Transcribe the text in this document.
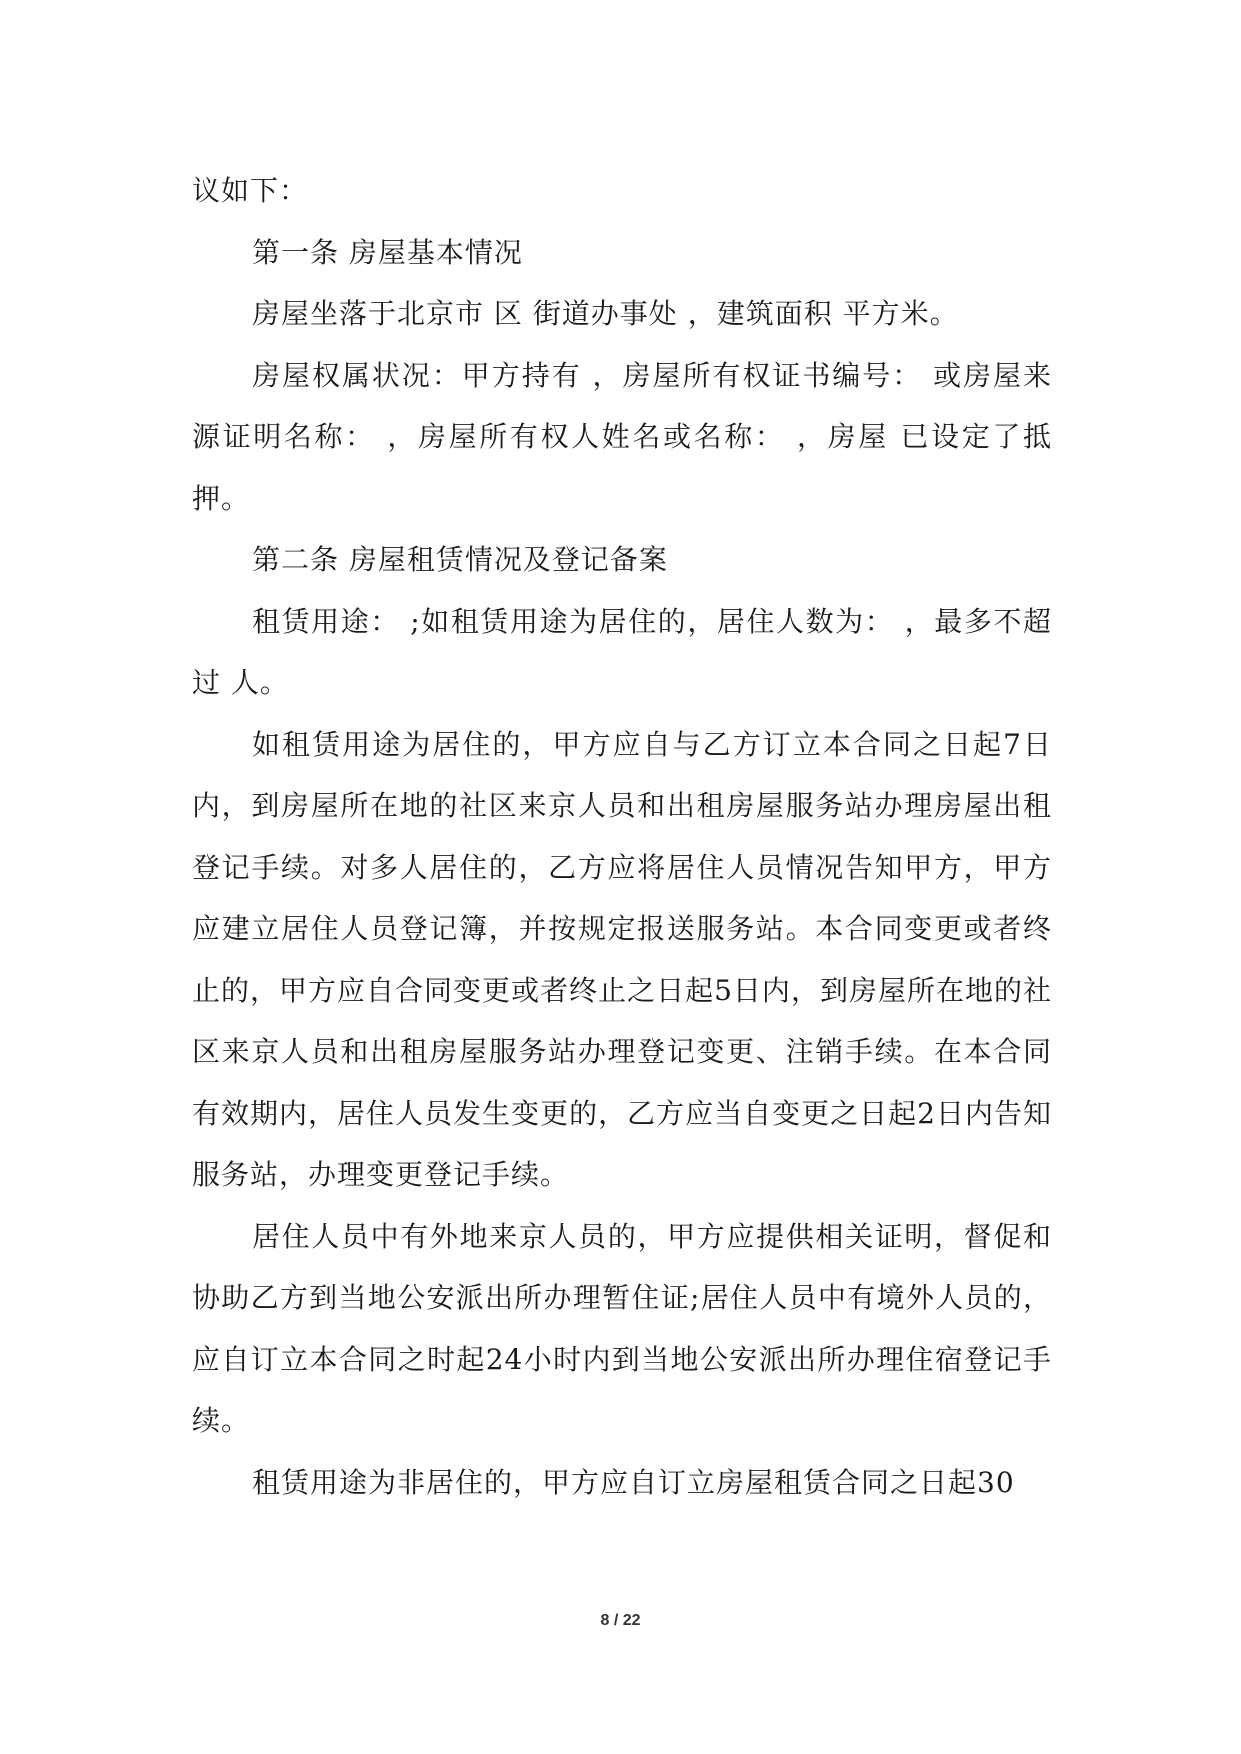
议如下：

第一条 房屋基本情况

房屋坐落于北京市 区 街道办事处 ，建筑面积 平方米。

房屋权属状况：甲方持有 ，房屋所有权证书编号： 或房屋来源证明名称： ，房屋所有权人姓名或名称： ，房屋 已设定了抵押。

第二条 房屋租赁情况及登记备案

租赁用途： ;如租赁用途为居住的，居住人数为： ，最多不超过 人。

如租赁用途为居住的，甲方应自与乙方订立本合同之日起7日内，到房屋所在地的社区来京人员和出租房屋服务站办理房屋出租登记手续。对多人居住的，乙方应将居住人员情况告知甲方，甲方应建立居住人员登记簿，并按规定报送服务站。本合同变更或者终止的，甲方应自合同变更或者终止之日起5日内，到房屋所在地的社区来京人员和出租房屋服务站办理登记变更、注销手续。在本合同有效期内，居住人员发生变更的，乙方应当自变更之日起2日内告知服务站，办理变更登记手续。

居住人员中有外地来京人员的，甲方应提供相关证明，督促和协助乙方到当地公安派出所办理暂住证;居住人员中有境外人员的，应自订立本合同之时起24小时内到当地公安派出所办理住宿登记手续。

租赁用途为非居住的，甲方应自订立房屋租赁合同之日起30

8 / 22
